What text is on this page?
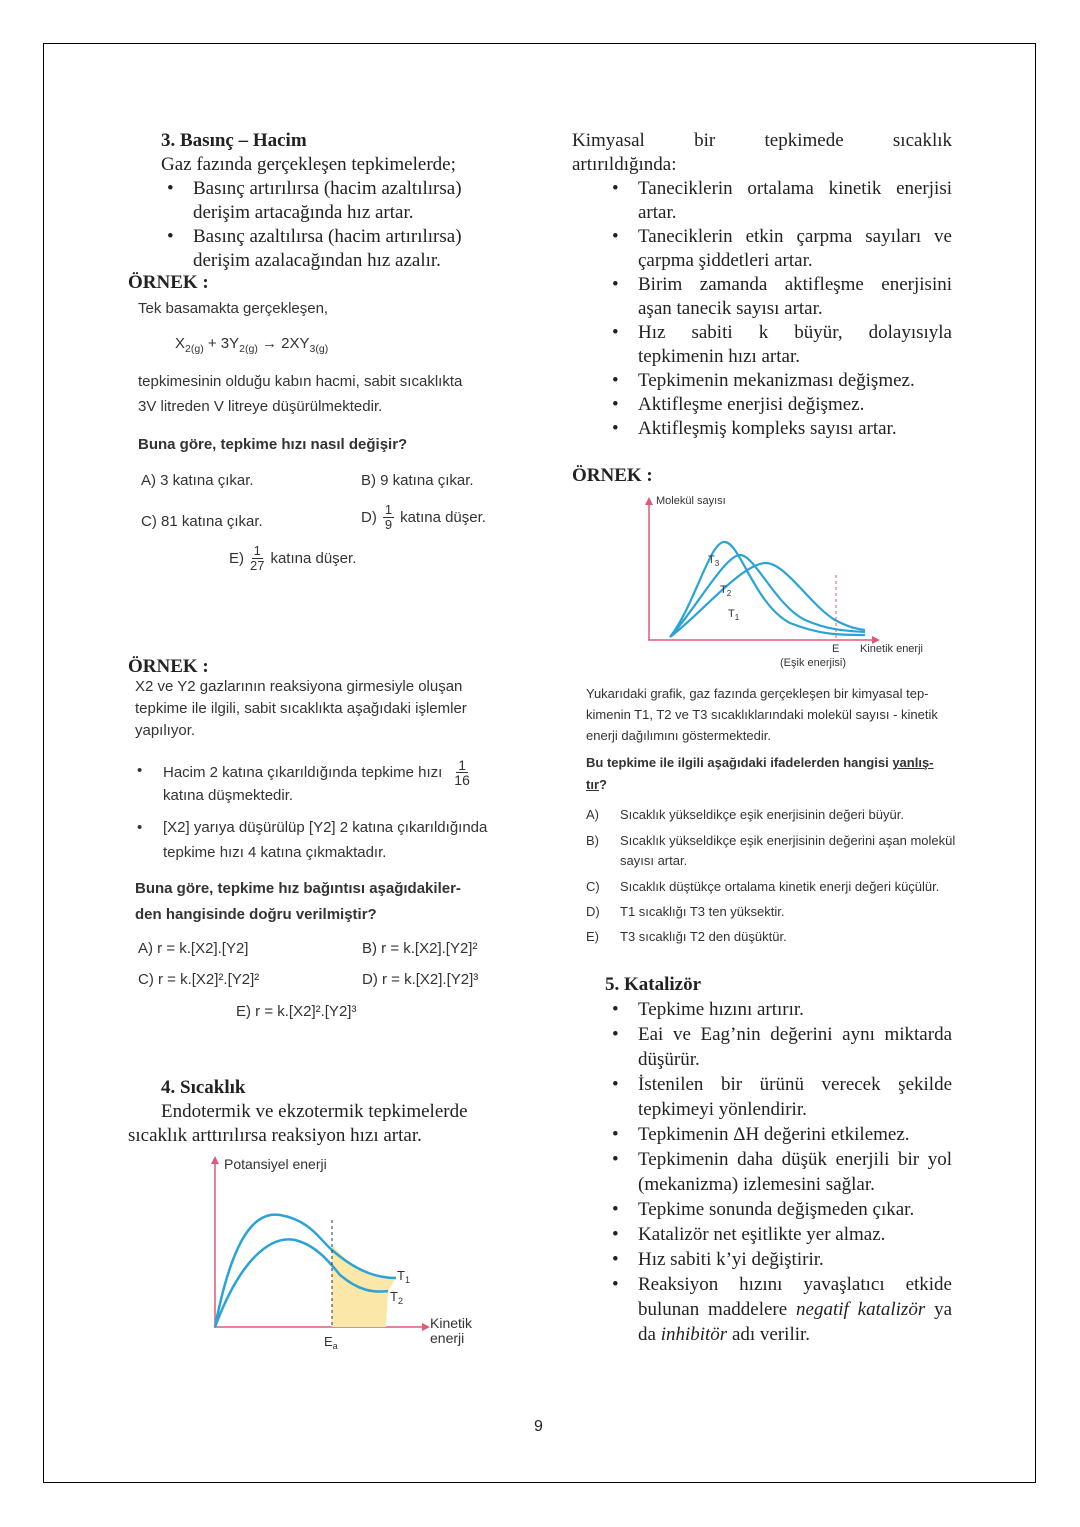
3. Basınç – Hacim
Gaz fazında gerçekleşen tepkimelerde;
• Basınç artırılırsa (hacim azaltılırsa) derişim artacağında hız artar.
• Basınç azaltılırsa (hacim artırılırsa) derişim azalacağından hız azalır.
ÖRNEK :
Tek basamakta gerçekleşen,
$X_{2(g)} + 3Y_{2(g)} \to 2XY_{3(g)}$
tepkimesinin olduğu kabın hacmi, sabit sıcaklıkta
3V litreden V litreye düşürülmektedir.
Buna göre, tepkime hızı nasıl değişir?
A) 3 katına çıkar.	B) 9 katına çıkar.
C) 81 katına çıkar.	$D) \frac{1}{9}$ katına düşer.
$E) \frac{1}{27}$ katına düşer.
ÖRNEK :
X2 ve Y2 gazlarının reaksiyona girmesiyle oluşan
tepkime ile ilgili, sabit sıcaklıkta aşağıdaki işlemler
yapılıyor.
• Hacim 2 katına çıkarıldığında tepkime hızı $\frac{1}{16}$
katına düşmektedir.
• [X2] yarıya düşürülüp [Y2] 2 katına çıkarıldığında
tepkime hızı 4 katına çıkmaktadır.
Buna göre, tepkime hız bağıntısı aşağıdakiler-
den hangisinde doğru verilmiştir?
A) r = k.[X2].[Y2]	B) r = k.[X2].[Y2]²
C) r = k.[X2]².[Y2]²	D) r = k.[X2].[Y2]³
E) r = k.[X2]².[Y2]³
4. Sıcaklık
Endotermik ve ekzotermik tepkimelerde
sıcaklık arttırılırsa reaksiyon hızı artar.
$T_1$
$T_2$
$E_a$
Potansiyel enerji
Kinetik
enerji
Kimyasal bir tepkimede sıcaklık
artırıldığında:
• Taneciklerin ortalama kinetik enerjisi artar.
• Taneciklerin etkin çarpma sayıları ve çarpma şiddetleri artar.
• Birim zamanda aktifleşme enerjisini aşan tanecik sayısı artar.
• Hız sabiti k büyür, dolayısıyla tepkimenin hızı artar.
• Tepkimenin mekanizması değişmez.
• Aktifleşme enerjisi değişmez.
• Aktifleşmiş kompleks sayısı artar.
ÖRNEK :
$T_3$
$T_2$
$T_1$
Molekül sayısı
E Kinetik enerji
(Eşik enerjisi)
Yukarıdaki grafik, gaz fazında gerçekleşen bir kimyasal tep-
kimenin T1, T2 ve T3 sıcaklıklarındaki molekül sayısı - kinetik
enerji dağılımını göstermektedir.
Bu tepkime ile ilgili aşağıdaki ifadelerden hangisi yanlış-
tır?
A) Sıcaklık yükseldikçe eşik enerjisinin değeri büyür.
B) Sıcaklık yükseldikçe eşik enerjisinin değerini aşan molekül
sayısı artar.
C) Sıcaklık düştükçe ortalama kinetik enerji değeri küçülür.
D) T1 sıcaklığı T3 ten yüksektir.
E) T3 sıcaklığı T2 den düşüktür.
5. Katalizör
• Tepkime hızını artırır.
• Eai ve Eag’nin değerini aynı miktarda düşürür.
• İstenilen bir ürünü verecek şekilde tepkimeyi yönlendirir.
• Tepkimenin ΔH değerini etkilemez.
• Tepkimenin daha düşük enerjili bir yol (mekanizma) izlemesini sağlar.
• Tepkime sonunda değişmeden çıkar.
• Katalizör net eşitlikte yer almaz.
• Hız sabiti k’yi değiştirir.
• Reaksiyon hızını yavaşlatıcı etkide bulunan maddelere negatif katalizör ya da inhibitör adı verilir.
9
